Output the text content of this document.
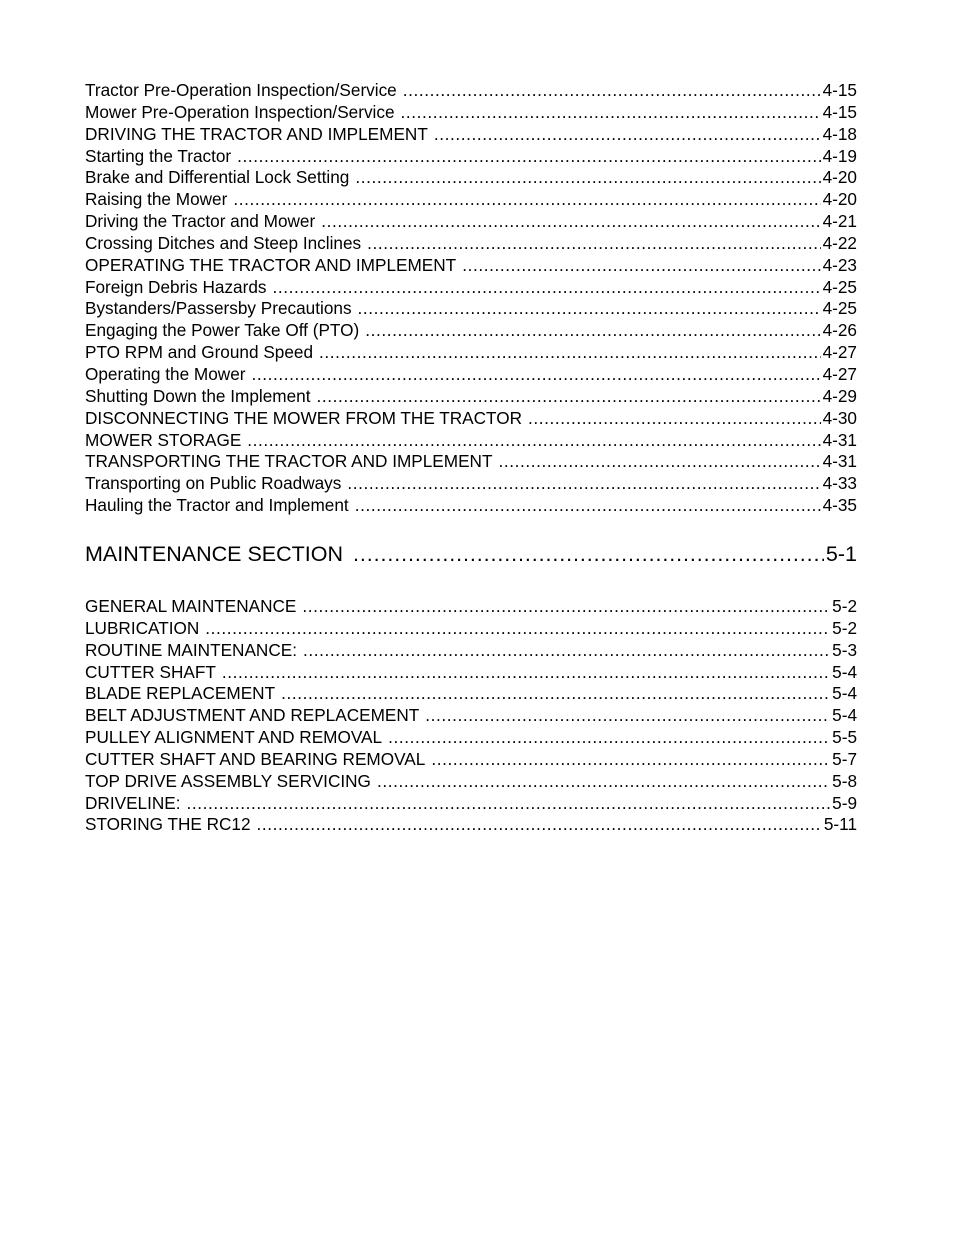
Tractor Pre-Operation Inspection/Service .....	4-15
Mower Pre-Operation Inspection/Service .....	4-15
DRIVING THE TRACTOR AND IMPLEMENT .....	4-18
Starting the Tractor .....	4-19
Brake and Differential Lock Setting .....	4-20
Raising the Mower .....	4-20
Driving the Tractor and Mower .....	4-21
Crossing Ditches and Steep Inclines .....	4-22
OPERATING THE TRACTOR AND IMPLEMENT .....	4-23
Foreign Debris Hazards .....	4-25
Bystanders/Passersby Precautions .....	4-25
Engaging the Power Take Off (PTO) .....	4-26
PTO RPM and Ground Speed .....	4-27
Operating the Mower .....	4-27
Shutting Down the Implement .....	4-29
DISCONNECTING THE MOWER FROM THE TRACTOR .....	4-30
MOWER STORAGE .....	4-31
TRANSPORTING THE TRACTOR AND IMPLEMENT .....	4-31
Transporting on Public Roadways .....	4-33
Hauling the Tractor and Implement .....	4-35
MAINTENANCE SECTION .....	5-1
GENERAL MAINTENANCE .....	5-2
LUBRICATION .....	5-2
ROUTINE MAINTENANCE: .....	5-3
CUTTER SHAFT .....	5-4
BLADE REPLACEMENT .....	5-4
BELT ADJUSTMENT AND REPLACEMENT .....	5-4
PULLEY ALIGNMENT AND REMOVAL .....	5-5
CUTTER SHAFT AND BEARING REMOVAL .....	5-7
TOP DRIVE ASSEMBLY SERVICING .....	5-8
DRIVELINE: .....	5-9
STORING THE RC12 .....	5-11
